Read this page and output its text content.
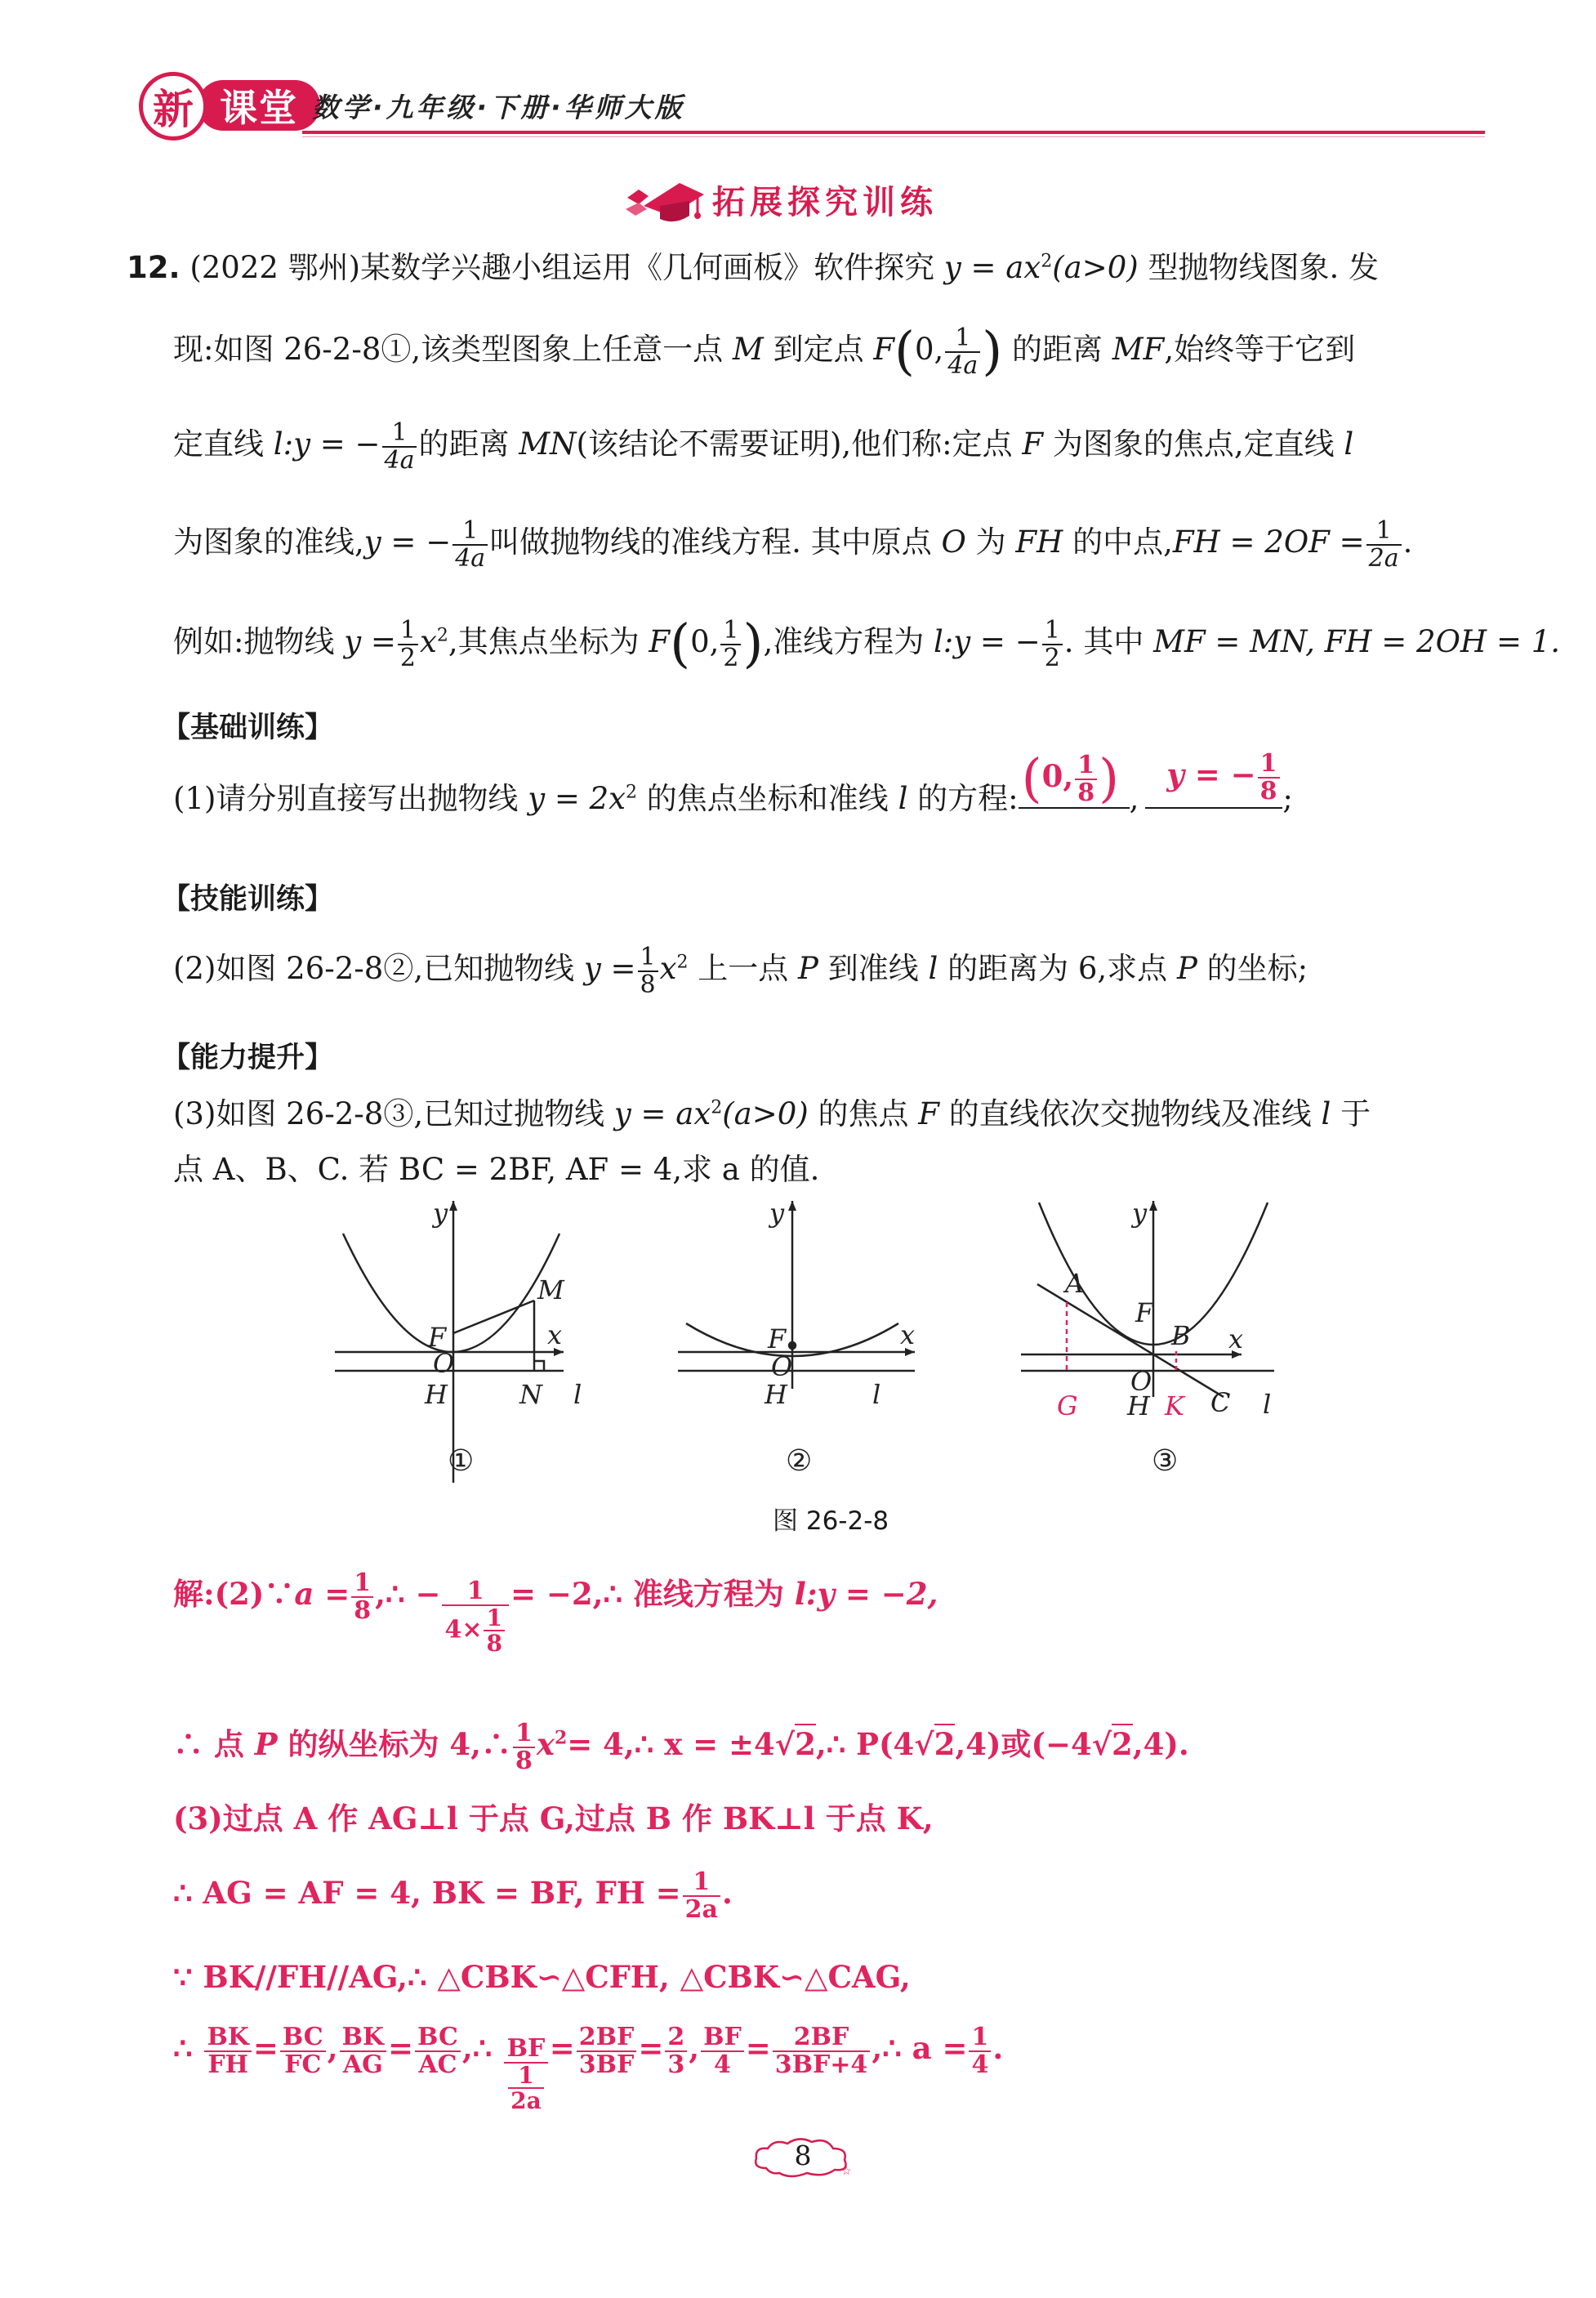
课堂
新	数学·九年级·下册·华师大版
拓展探究训练
12. (2022 鄂州)某数学兴趣小组运用《几何画板》软件探究 $y = ax^2(a>0)$ 型抛物线图象. 发
现:如图 26-2-8①,该类型图象上任意一点 M 到定点 F(0, $\frac{1}{4a}$ ) 的距离 MF,始终等于它到
定直线 l:y = − $\frac{1}{4a}$ 的距离 MN(该结论不需要证明),他们称:定点 F 为图象的焦点,定直线 l
为图象的准线,y = − $\frac{1}{4a}$ 叫做抛物线的准线方程. 其中原点 O 为 FH 的中点$,FH = 2OF = \frac{1}{2a}$ .
例如:抛物线 $y = \frac{1}{2} x^2$,其焦点坐标为 F(0, $\frac{1}{2}$ ),准线方程为 l:y = − $\frac{1}{2}$ . 其中 MF = MN, FH = 2OH = 1.
【基础训练】
(1)请分别直接写出抛物线 $y = 2x^2$ 的焦点坐标和准线 l 的方程: (0, $\frac{1}{8}$ ) ,
y = − $\frac{1}{8}$ ;
【技能训练】
(2)如图 26-2-8②,已知抛物线 $y = \frac{1}{8} x^2$ 上一点 P 到准线 l 的距离为 6,求点 P 的坐标;
【能力提升】
(3)如图 26-2-8③,已知过抛物线 $y = ax^2(a>0)$ 的焦点 F 的直线依次交抛物线及准线 l 于
点 A、B、C. 若 BC = 2BF, AF = 4,求 a 的值.
y
x
M
F
O
H	N l
①
y
x
F
O
H	l
②
y
x
A
F
B
O
G H K C l
③
图 26-2-8
解:(2)∵a = $\frac{1}{8}$ ,∴ − $\frac{1}{4\times \frac{1}{8}}$ = −2,∴ 准线方程为 l:y = −2,
∴ 点 P 的纵坐标为 4,∴ $\frac{1}{8} x^2=$ 4,∴ x = ±4√2,∴ P(4√2,4)或(−4√2,4).
(3)过点 A 作 AG⊥l 于点 G,过点 B 作 BK⊥l 于点 K,
∴ AG = AF = 4, BK = BF, FH = $\frac{1}{2a}$ .
∵ BK//FH//AG,∴ △CBK∽△CFH, △CBK∽△CAG,
∴ $\frac{BK}{FH} = \frac{BC}{FC}$ , $\frac{BK}{AG} = \frac{BC}{AC}$ ,∴ $\frac{BF}{\frac{1}{2a}} = \frac{2BF}{3BF} = \frac{2}{3}$ , $\frac{BF}{4} = \frac{2BF}{3BF+4}$ ,∴ $a = \frac{1}{4}$ .
☆
8
